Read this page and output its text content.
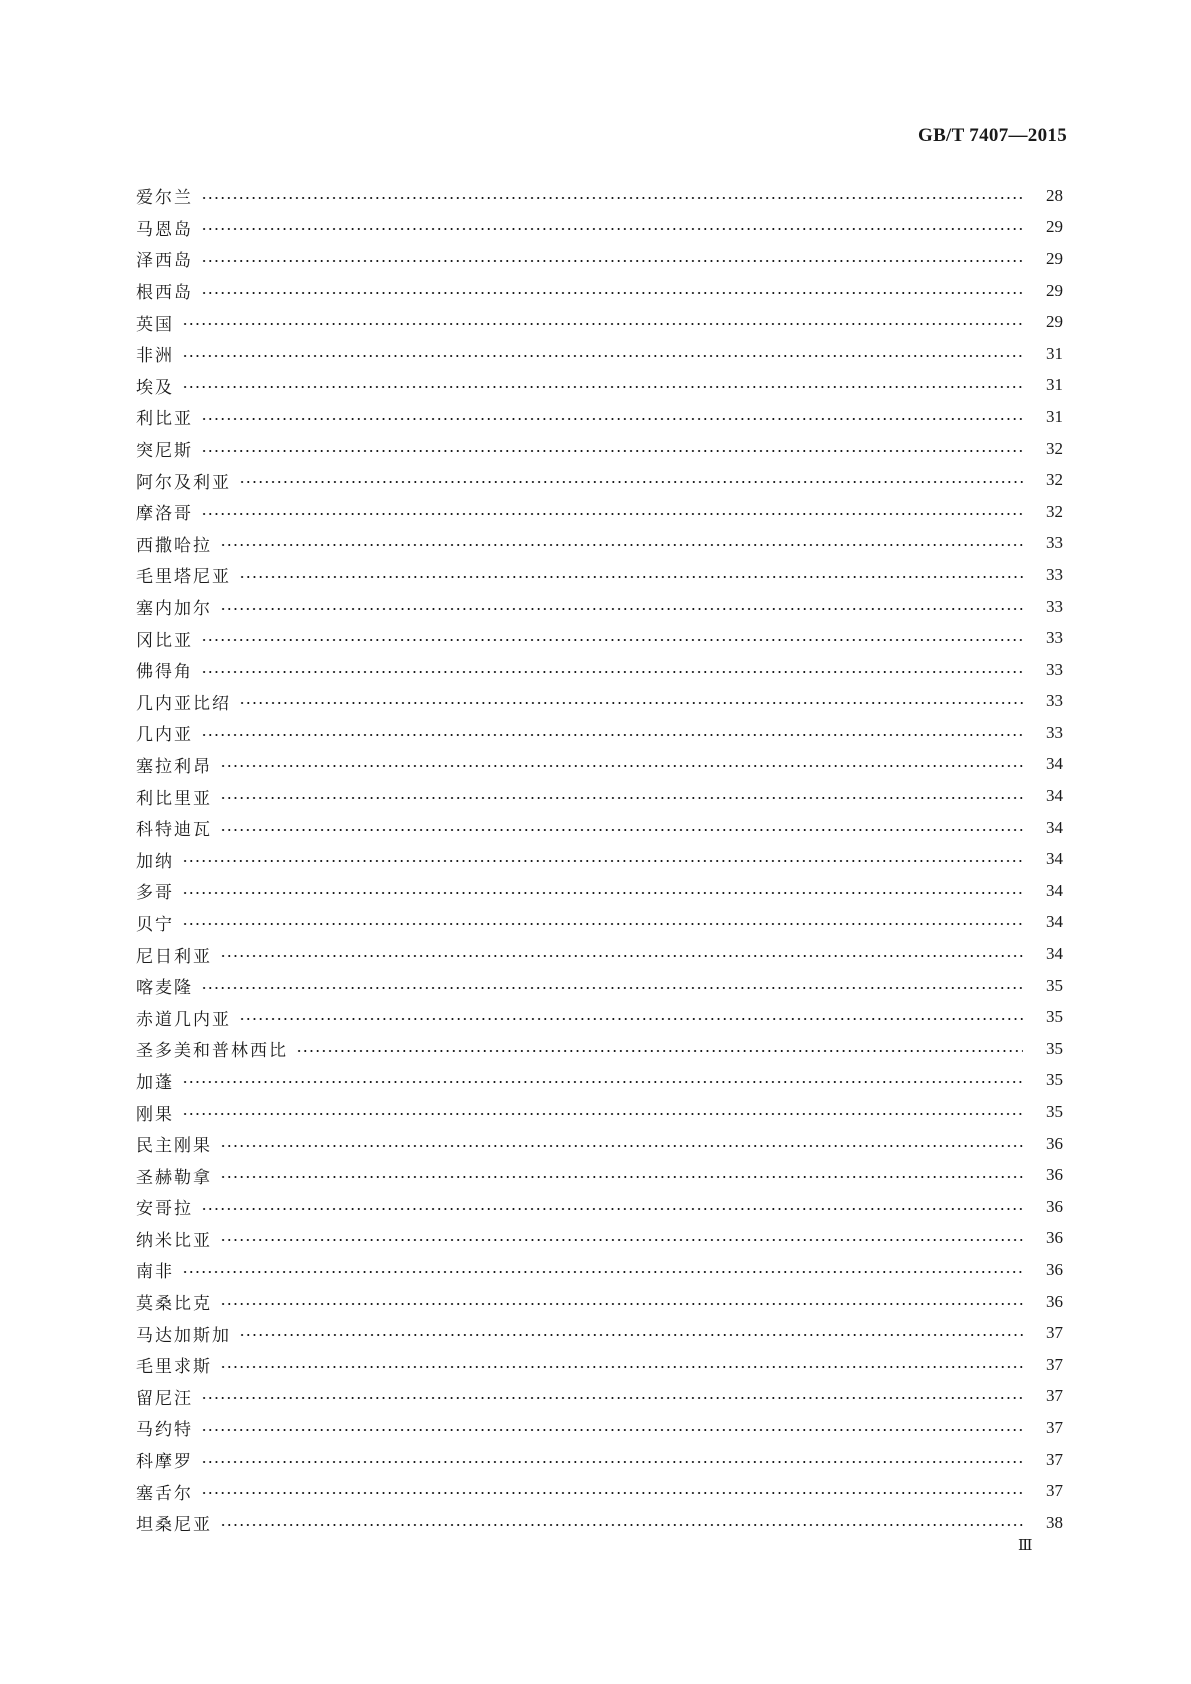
GB/T 7407—2015
爱尔兰	28
马恩岛	29
泽西岛	29
根西岛	29
英国	29
非洲	31
埃及	31
利比亚	31
突尼斯	32
阿尔及利亚	32
摩洛哥	32
西撒哈拉	33
毛里塔尼亚	33
塞内加尔	33
冈比亚	33
佛得角	33
几内亚比绍	33
几内亚	33
塞拉利昂	34
利比里亚	34
科特迪瓦	34
加纳	34
多哥	34
贝宁	34
尼日利亚	34
喀麦隆	35
赤道几内亚	35
圣多美和普林西比	35
加蓬	35
刚果	35
民主刚果	36
圣赫勒拿	36
安哥拉	36
纳米比亚	36
南非	36
莫桑比克	36
马达加斯加	37
毛里求斯	37
留尼汪	37
马约特	37
科摩罗	37
塞舌尔	37
坦桑尼亚	38
Ⅲ
